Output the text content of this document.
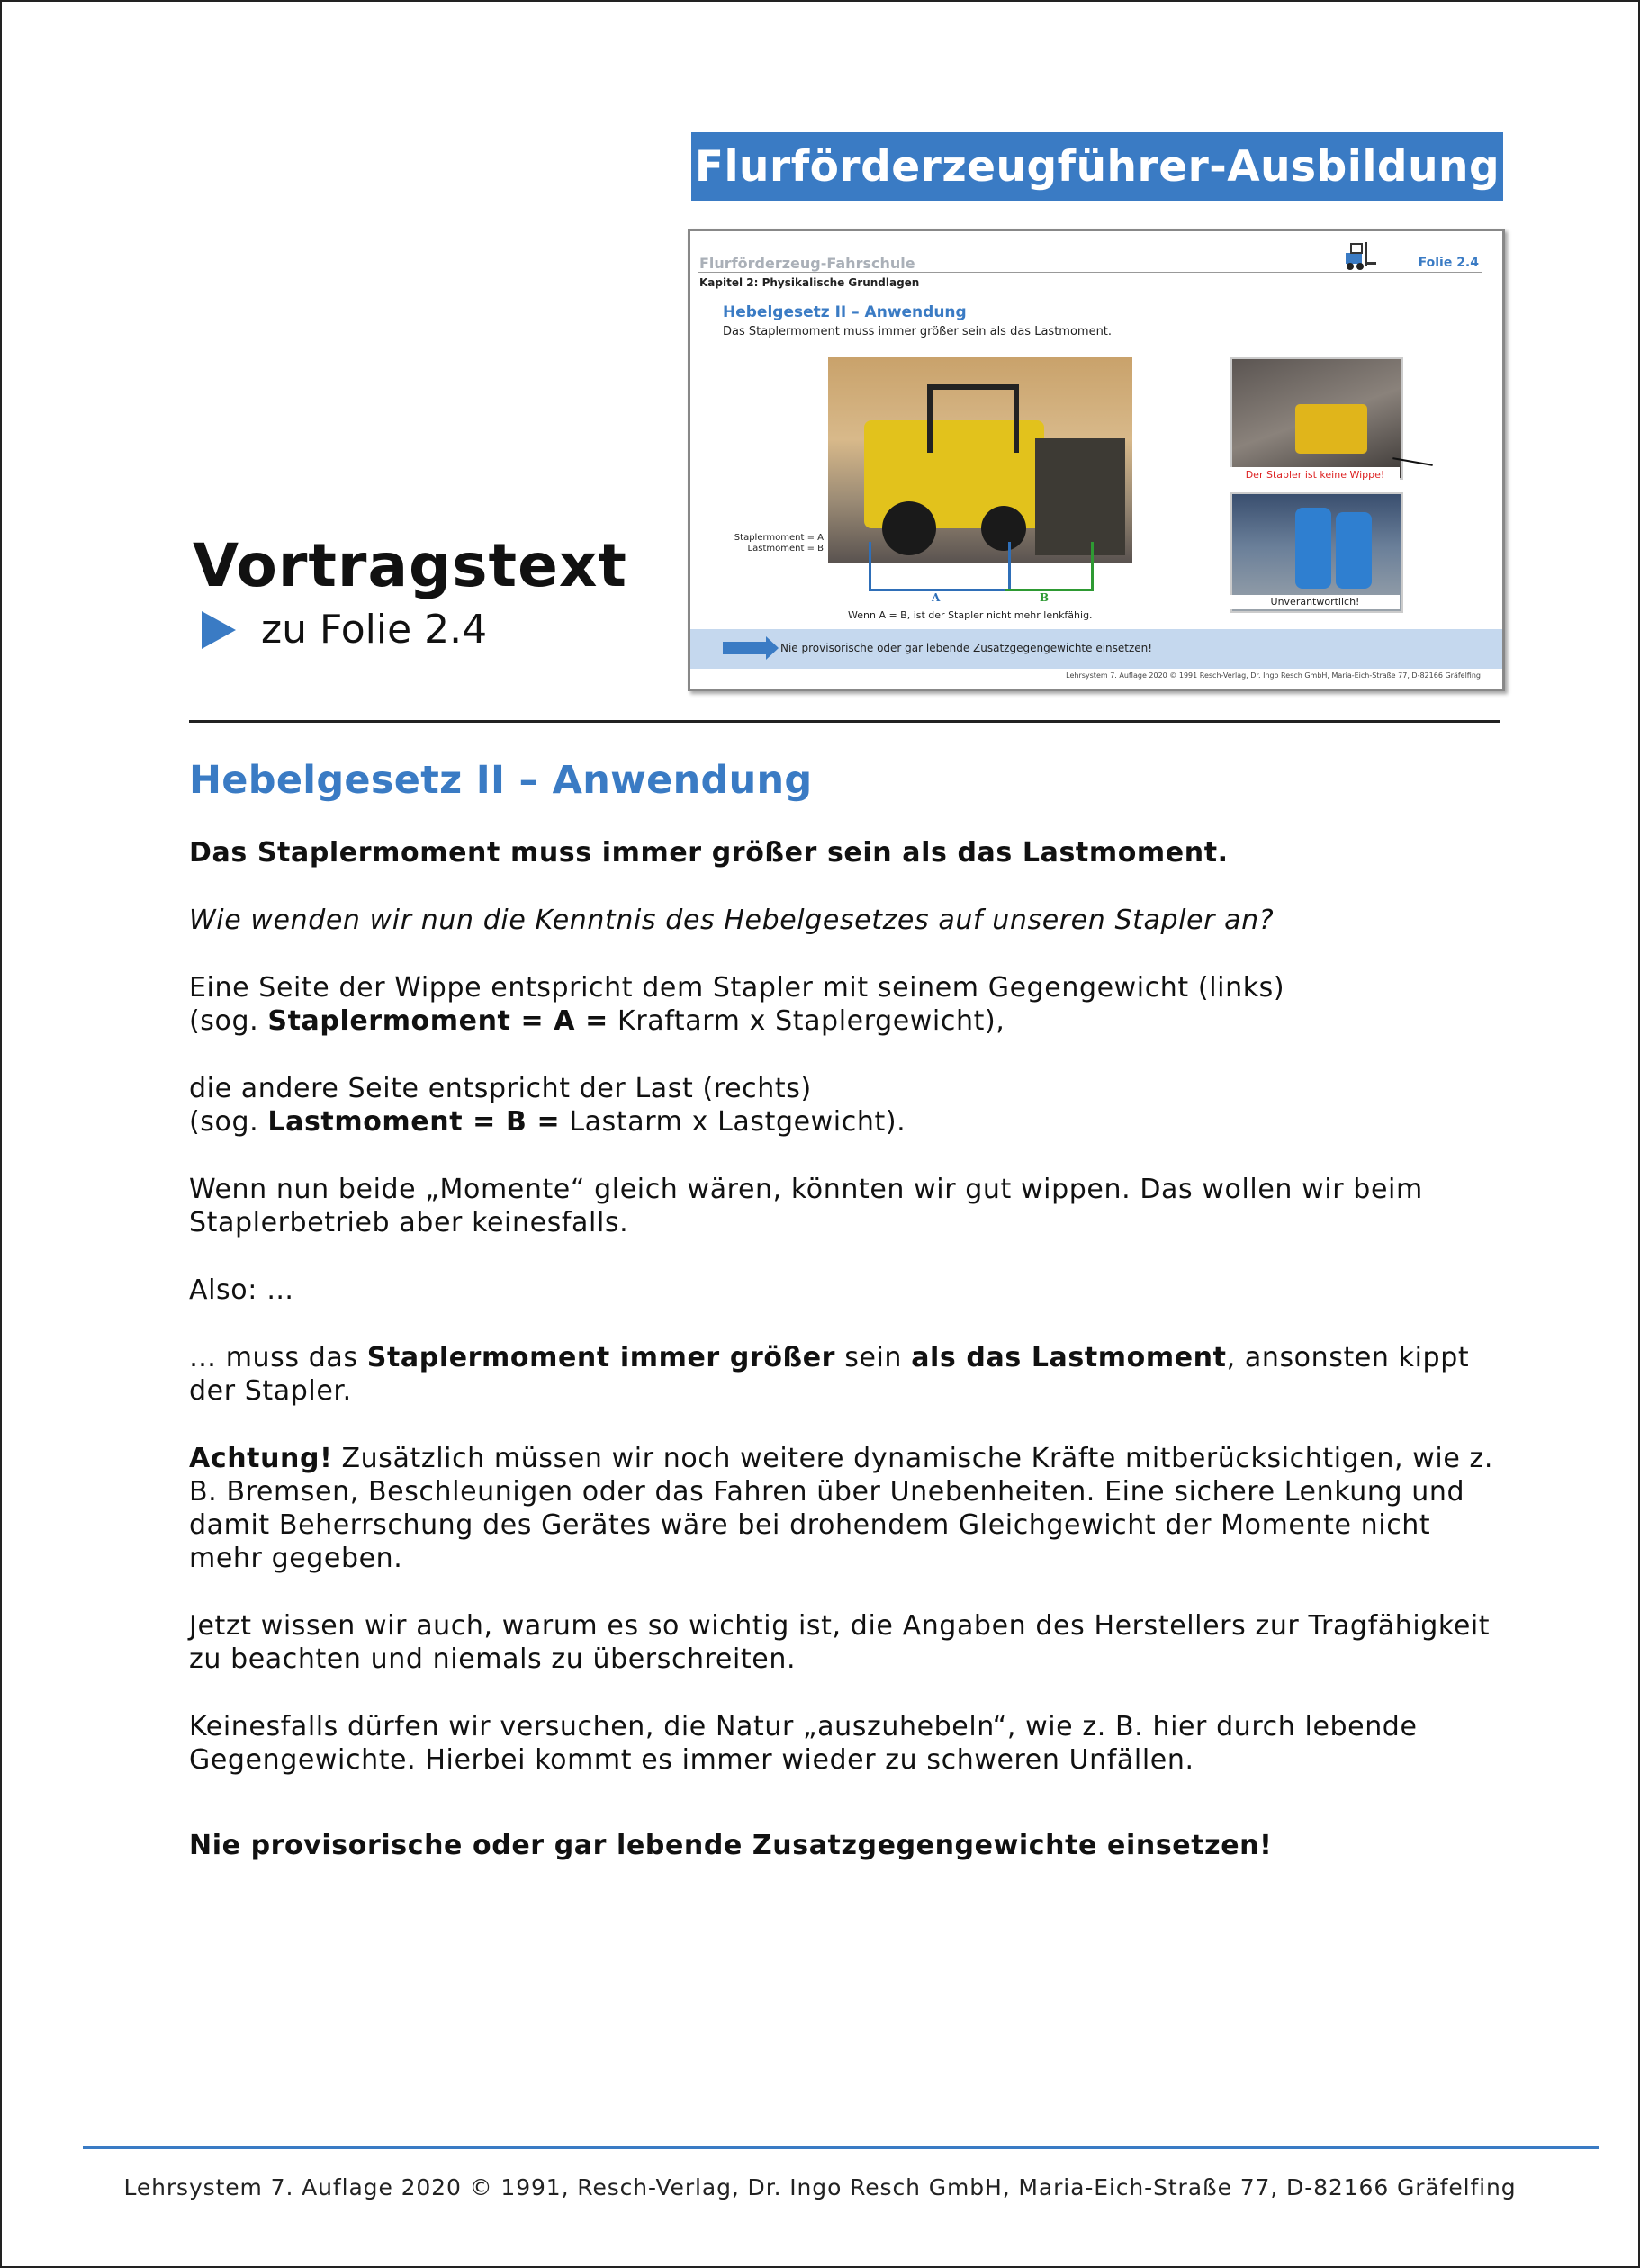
Flurförderzeugführer-Ausbildung
Vortragstext
zu Folie 2.4
Flurförderzeug-Fahrschule	Folie 2.4
Kapitel 2: Physikalische Grundlagen
Hebelgesetz II – Anwendung
Das Staplermoment muss immer größer sein als das Lastmoment.
Staplermoment = A
Lastmoment = B
A	B
Wenn A = B, ist der Stapler nicht mehr lenkfähig.
Der Stapler ist keine Wippe!
Unverantwortlich!
Nie provisorische oder gar lebende Zusatzgegengewichte einsetzen!
Lehrsystem 7. Auflage 2020 © 1991 Resch-Verlag, Dr. Ingo Resch GmbH, Maria-Eich-Straße 77, D-82166 Gräfelfing
Hebelgesetz II – Anwendung

Das Staplermoment muss immer größer sein als das Lastmoment.

Wie wenden wir nun die Kenntnis des Hebelgesetzes auf unseren Stapler an?

Eine Seite der Wippe entspricht dem Stapler mit seinem Gegengewicht (links)
(sog. Staplermoment = A = Kraftarm x Staplergewicht),

die andere Seite entspricht der Last (rechts)
(sog. Lastmoment = B = Lastarm x Lastgewicht).

Wenn nun beide „Momente“ gleich wären, könnten wir gut wippen. Das wollen wir beim Staplerbetrieb aber keinesfalls.

Also: …

… muss das Staplermoment immer größer sein als das Lastmoment, ansonsten kippt der Stapler.

Achtung! Zusätzlich müssen wir noch weitere dynamische Kräfte mitberücksichtigen, wie z. B. Bremsen, Beschleunigen oder das Fahren über Unebenheiten. Eine sichere Lenkung und damit Beherrschung des Gerätes wäre bei drohendem Gleichgewicht der Momente nicht mehr gegeben.

Jetzt wissen wir auch, warum es so wichtig ist, die Angaben des Herstellers zur Tragfähigkeit zu beachten und niemals zu überschreiten.

Keinesfalls dürfen wir versuchen, die Natur „auszuhebeln“, wie z. B. hier durch lebende Gegengewichte. Hierbei kommt es immer wieder zu schweren Unfällen.

Nie provisorische oder gar lebende Zusatzgegengewichte einsetzen!

Lehrsystem 7. Auflage 2020 © 1991, Resch-Verlag, Dr. Ingo Resch GmbH, Maria-Eich-Straße 77, D-82166 Gräfelfing
